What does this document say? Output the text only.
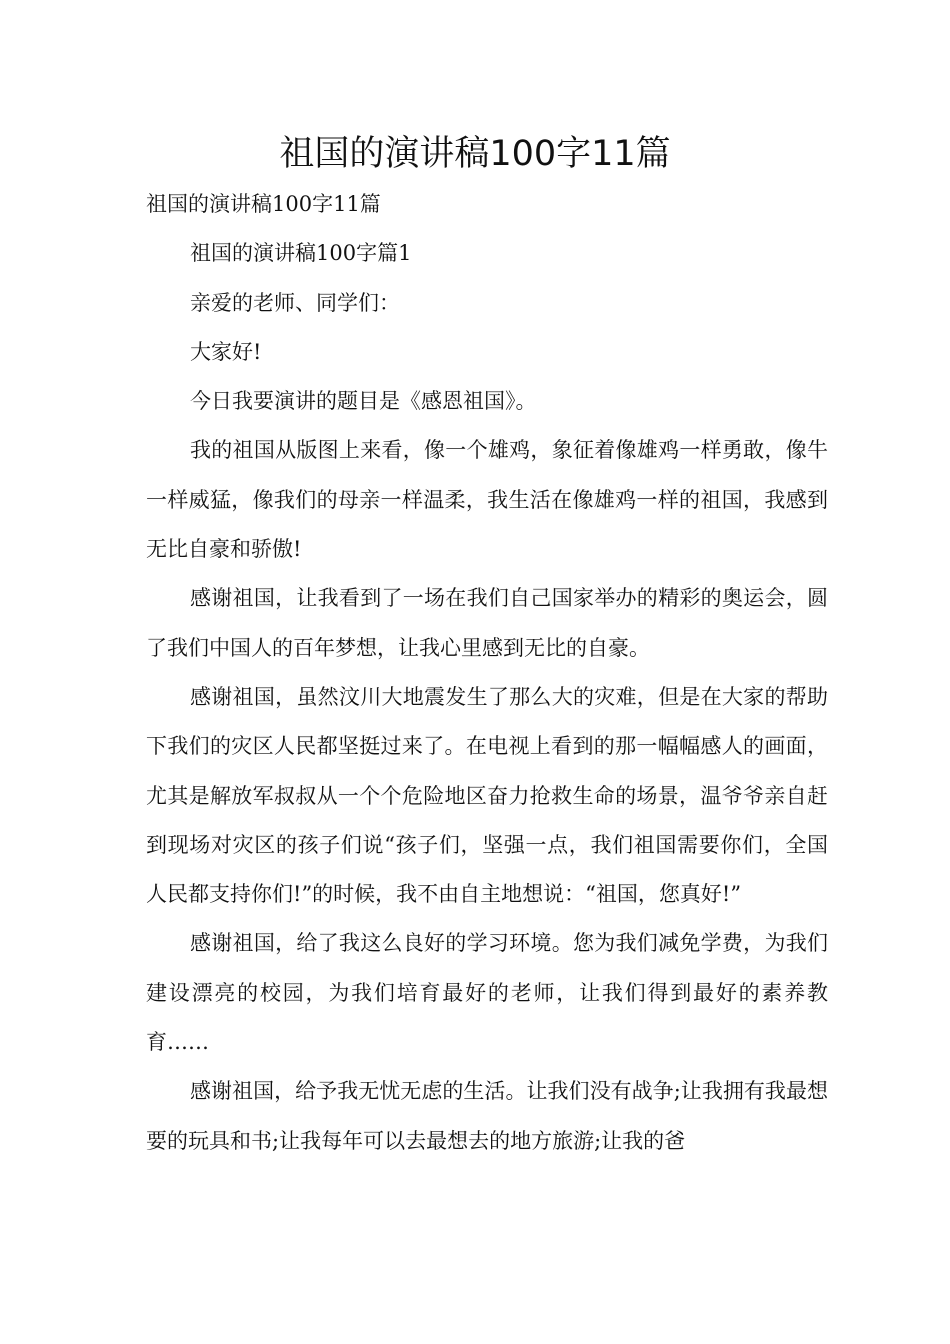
祖国的演讲稿100字11篇

祖国的演讲稿100字11篇

祖国的演讲稿100字篇1

亲爱的老师、同学们：

大家好!

今日我要演讲的题目是《感恩祖国》。

我的祖国从版图上来看，像一个雄鸡，象征着像雄鸡一样勇敢，像牛一样威猛，像我们的母亲一样温柔，我生活在像雄鸡一样的祖国，我感到无比自豪和骄傲!

感谢祖国，让我看到了一场在我们自己国家举办的精彩的奥运会，圆了我们中国人的百年梦想，让我心里感到无比的自豪。

感谢祖国，虽然汶川大地震发生了那么大的灾难，但是在大家的帮助下我们的灾区人民都坚挺过来了。在电视上看到的那一幅幅感人的画面，尤其是解放军叔叔从一个个危险地区奋力抢救生命的场景，温爷爷亲自赶到现场对灾区的孩子们说“孩子们，坚强一点，我们祖国需要你们，全国人民都支持你们!”的时候，我不由自主地想说：“祖国，您真好!”

感谢祖国，给了我这么良好的学习环境。您为我们减免学费，为我们建设漂亮的校园，为我们培育最好的老师，让我们得到最好的素养教育……

感谢祖国，给予我无忧无虑的生活。让我们没有战争;让我拥有我最想要的玩具和书;让我每年可以去最想去的地方旅游;让我的爸
